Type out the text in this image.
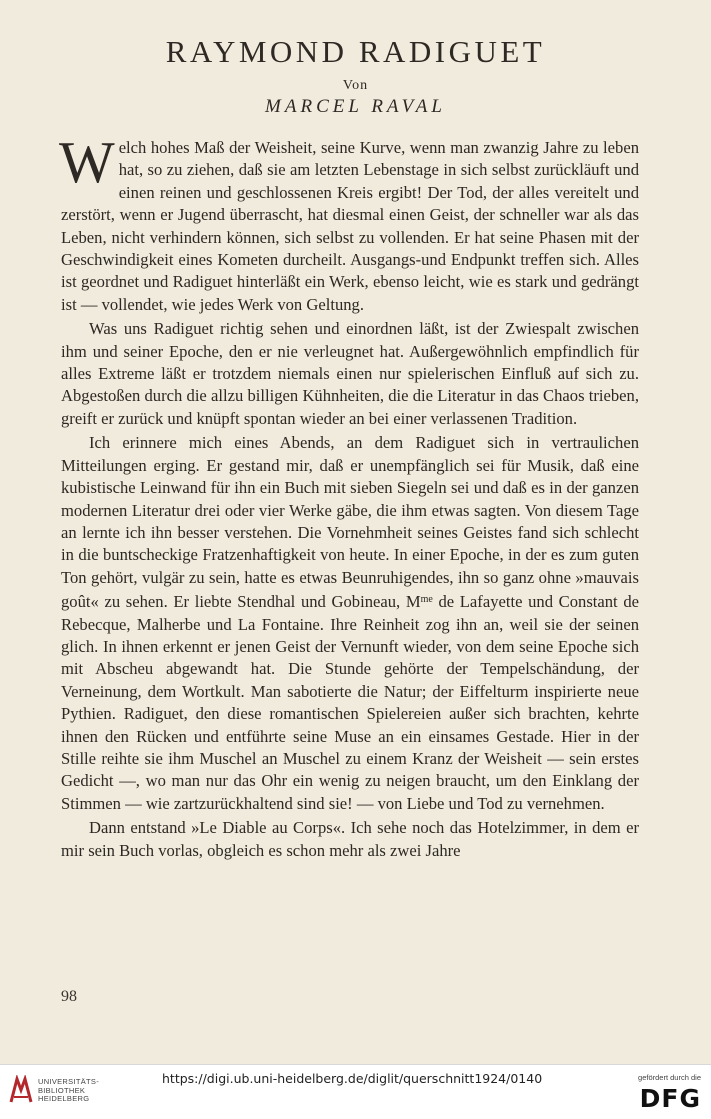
RAYMOND RADIGUET
Von
MARCEL RAVAL

Welch hohes Maß der Weisheit, seine Kurve, wenn man zwanzig Jahre zu leben hat, so zu ziehen, daß sie am letzten Lebenstage in sich selbst zurückläuft und einen reinen und geschlossenen Kreis ergibt! Der Tod, der alles vereitelt und zerstört, wenn er Jugend überrascht, hat diesmal einen Geist, der schneller war als das Leben, nicht verhindern können, sich selbst zu vollenden. Er hat seine Phasen mit der Geschwindigkeit eines Kometen durcheilt. Ausgangs-und Endpunkt treffen sich. Alles ist geordnet und Radiguet hinterläßt ein Werk, ebenso leicht, wie es stark und gedrängt ist — vollendet, wie jedes Werk von Geltung.

Was uns Radiguet richtig sehen und einordnen läßt, ist der Zwiespalt zwischen ihm und seiner Epoche, den er nie verleugnet hat. Außergewöhnlich empfindlich für alles Extreme läßt er trotzdem niemals einen nur spielerischen Einfluß auf sich zu. Abgestoßen durch die allzu billigen Kühnheiten, die die Literatur in das Chaos trieben, greift er zurück und knüpft spontan wieder an bei einer verlassenen Tradition.

Ich erinnere mich eines Abends, an dem Radiguet sich in vertraulichen Mitteilungen erging. Er gestand mir, daß er unempfänglich sei für Musik, daß eine kubistische Leinwand für ihn ein Buch mit sieben Siegeln sei und daß es in der ganzen modernen Literatur drei oder vier Werke gäbe, die ihm etwas sagten. Von diesem Tage an lernte ich ihn besser verstehen. Die Vornehmheit seines Geistes fand sich schlecht in die buntscheckige Fratzenhaftigkeit von heute. In einer Epoche, in der es zum guten Ton gehört, vulgär zu sein, hatte es etwas Beunruhigendes, ihn so ganz ohne »mauvais goût« zu sehen. Er liebte Stendhal und Gobineau, $M^{me}$ de Lafayette und Constant de Rebecque, Malherbe und La Fontaine. Ihre Reinheit zog ihn an, weil sie der seinen glich. In ihnen erkennt er jenen Geist der Vernunft wieder, von dem seine Epoche sich mit Abscheu abgewandt hat. Die Stunde gehörte der Tempelschändung, der Verneinung, dem Wortkult. Man sabotierte die Natur; der Eiffelturm inspirierte neue Pythien. Radiguet, den diese romantischen Spielereien außer sich brachten, kehrte ihnen den Rücken und entführte seine Muse an ein einsames Gestade. Hier in der Stille reihte sie ihm Muschel an Muschel zu einem Kranz der Weisheit — sein erstes Gedicht —, wo man nur das Ohr ein wenig zu neigen braucht, um den Einklang der Stimmen — wie zartzurückhaltend sind sie! — von Liebe und Tod zu vernehmen.

Dann entstand »Le Diable au Corps«. Ich sehe noch das Hotelzimmer, in dem er mir sein Buch vorlas, obgleich es schon mehr als zwei Jahre

98
UNIVERSITÄTS-
BIBLIOTHEK
HEIDELBERG
https://digi.ub.uni-heidelberg.de/diglit/querschnitt1924/0140	gefördert durch die
DFG
